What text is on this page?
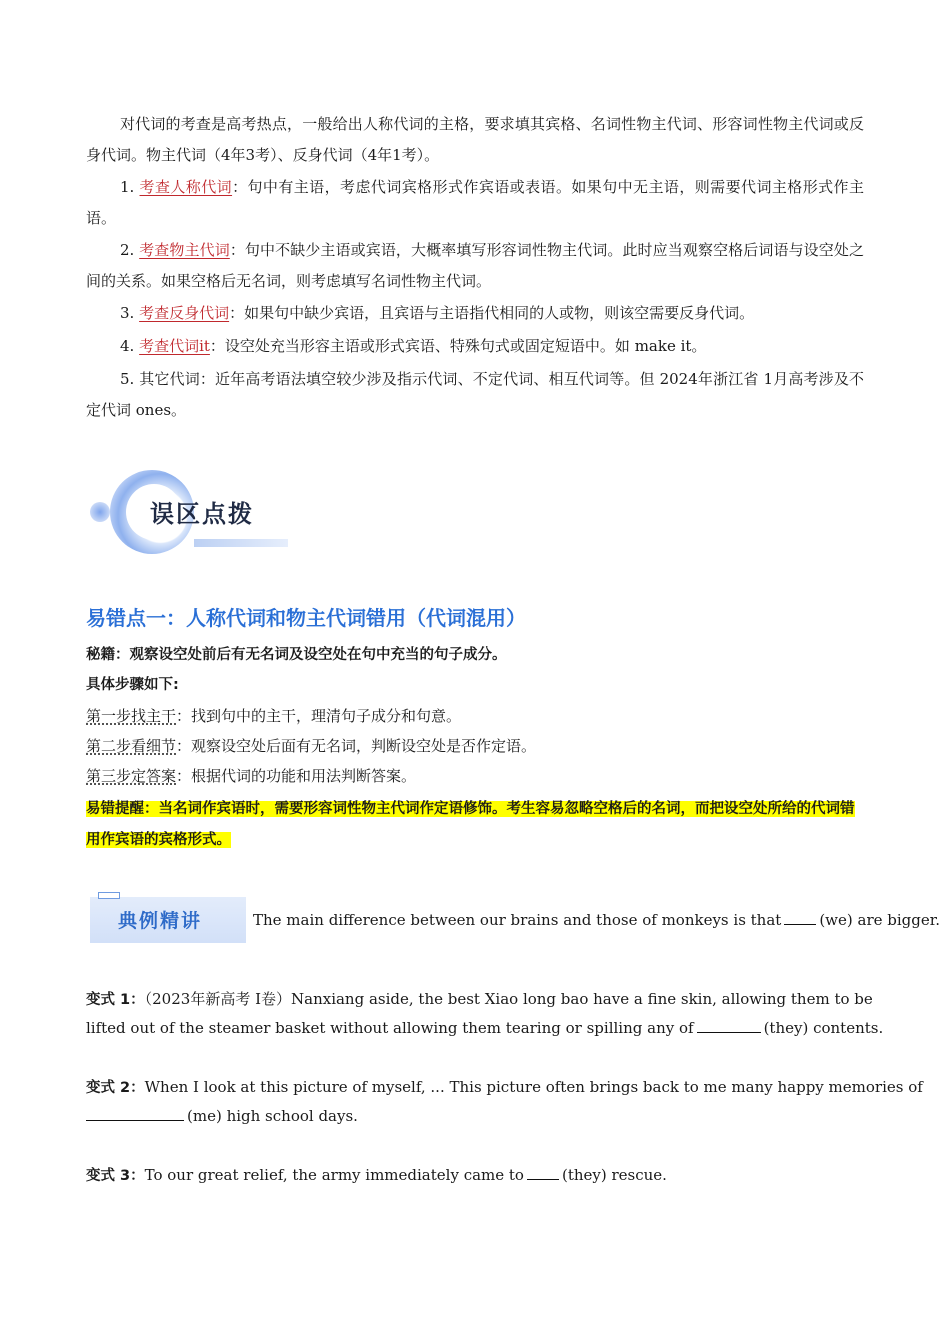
对代词的考查是高考热点，一般给出人称代词的主格，要求填其宾格、名词性物主代词、形容词性物主代词或反身代词。物主代词（4年3考）、反身代词（4年1考）。
1. 考查人称代词：句中有主语，考虑代词宾格形式作宾语或表语。如果句中无主语，则需要代词主格形式作主语。
2. 考查物主代词：句中不缺少主语或宾语，大概率填写形容词性物主代词。此时应当观察空格后词语与设空处之间的关系。如果空格后无名词，则考虑填写名词性物主代词。
3. 考查反身代词：如果句中缺少宾语，且宾语与主语指代相同的人或物，则该空需要反身代词。
4. 考查代词it：设空处充当形容主语或形式宾语、特殊句式或固定短语中。如 make it。
5. 其它代词：近年高考语法填空较少涉及指示代词、不定代词、相互代词等。但 2024年浙江省 1月高考涉及不定代词 ones。
误区点拨
易错点一：人称代词和物主代词错用（代词混用）
秘籍：观察设空处前后有无名词及设空处在句中充当的句子成分。
具体步骤如下:
第一步找主干：找到句中的主干，理清句子成分和句意。
第二步看细节：观察设空处后面有无名词，判断设空处是否作定语。
第三步定答案：根据代词的功能和用法判断答案。
易错提醒：当名词作宾语时，需要形容词性物主代词作定语修饰。考生容易忽略空格后的名词，而把设空处所给的代词错用作宾语的宾格形式。
典例精讲	The main difference between our brains and those of monkeys is that	(we) are bigger.
变式 1：（2023年新高考 I卷）Nanxiang aside, the best Xiao long bao have a fine skin, allowing them to be
lifted out of the steamer basket without allowing them tearing or spilling any of	(they) contents.
变式 2：When I look at this picture of myself, ... This picture often brings back to me many happy memories of
(me) high school days.
变式 3：To our great relief, the army immediately came to	(they) rescue.
